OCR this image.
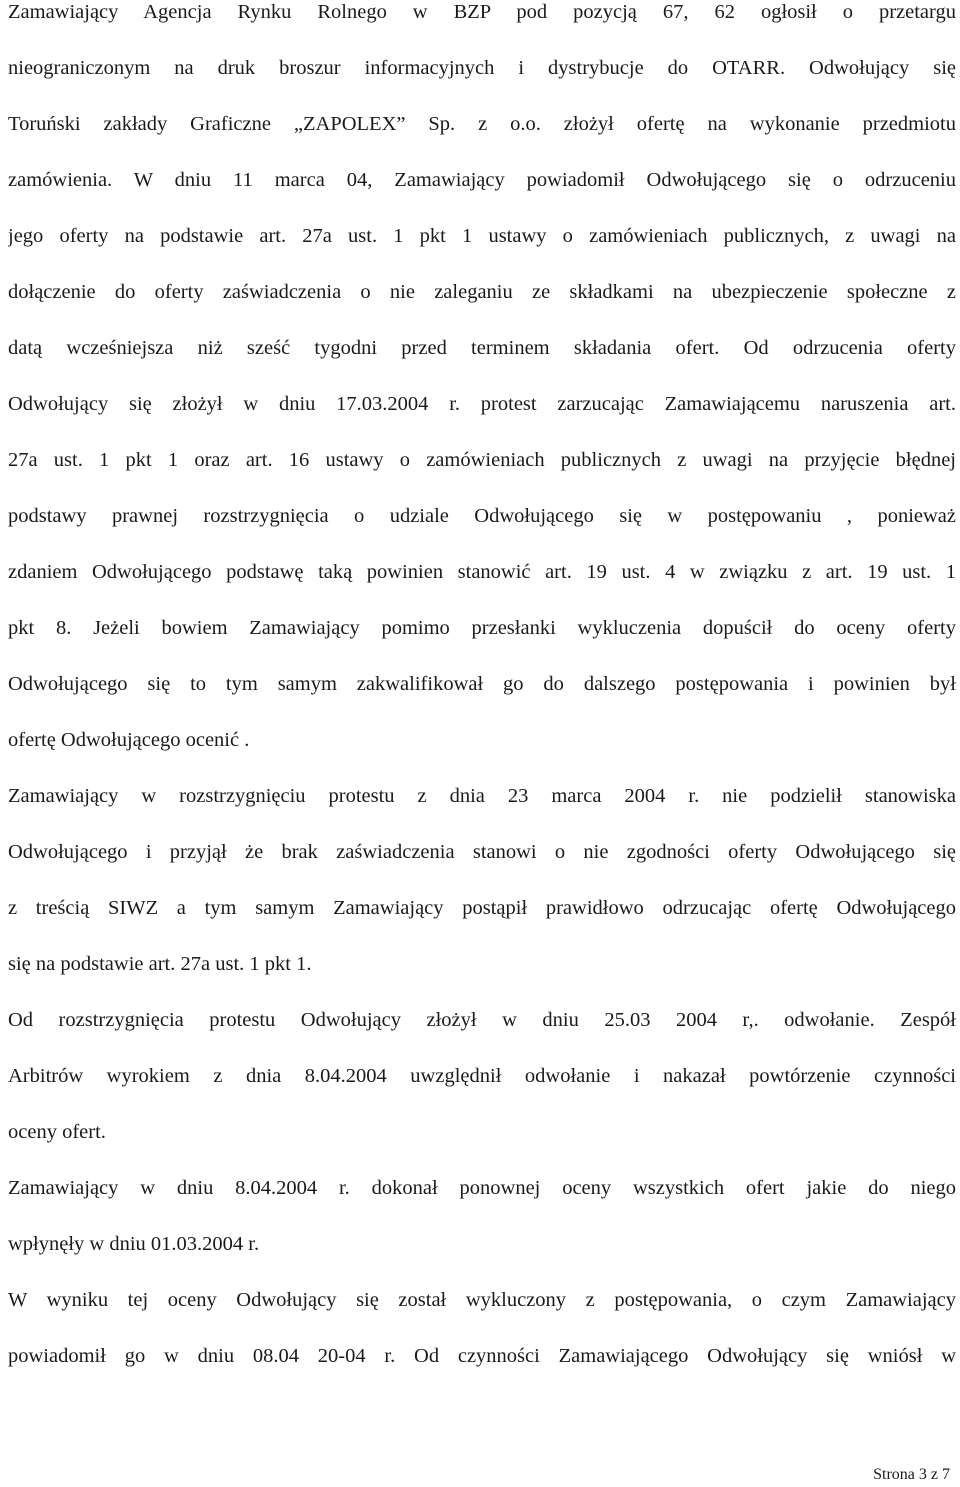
Zamawiający Agencja Rynku Rolnego w BZP pod pozycją 67, 62 ogłosił o przetargu
nieograniczonym na druk broszur informacyjnych i dystrybucje do OTARR. Odwołujący się
Toruński zakłady Graficzne „ZAPOLEX” Sp. z o.o. złożył ofertę na wykonanie przedmiotu
zamówienia. W dniu 11 marca 04, Zamawiający powiadomił Odwołującego się o odrzuceniu
jego oferty na podstawie art. 27a ust. 1 pkt 1 ustawy o zamówieniach publicznych, z uwagi na
dołączenie do oferty zaświadczenia o nie zaleganiu ze składkami na ubezpieczenie społeczne z
datą wcześniejsza niż sześć tygodni przed terminem składania ofert. Od odrzucenia oferty
Odwołujący się złożył w dniu 17.03.2004 r. protest zarzucając Zamawiającemu naruszenia art.
27a ust. 1 pkt 1 oraz art. 16 ustawy o zamówieniach publicznych z uwagi na przyjęcie błędnej
podstawy prawnej rozstrzygnięcia o udziale Odwołującego się w postępowaniu , ponieważ
zdaniem Odwołującego podstawę taką powinien stanowić art. 19 ust. 4 w związku z art. 19 ust. 1
pkt 8. Jeżeli bowiem Zamawiający pomimo przesłanki wykluczenia dopuścił do oceny oferty
Odwołującego się to tym samym zakwalifikował go do dalszego postępowania i powinien był
ofertę Odwołującego ocenić .
Zamawiający w rozstrzygnięciu protestu z dnia 23 marca 2004 r. nie podzielił stanowiska
Odwołującego i przyjął że brak zaświadczenia stanowi o nie zgodności oferty Odwołującego się
z treścią SIWZ a tym samym Zamawiający postąpił prawidłowo odrzucając ofertę Odwołującego
się na podstawie art. 27a ust. 1 pkt 1.
Od rozstrzygnięcia protestu Odwołujący złożył w dniu 25.03 2004 r,. odwołanie. Zespół
Arbitrów wyrokiem z dnia 8.04.2004 uwzględnił odwołanie i nakazał powtórzenie czynności
oceny ofert.
Zamawiający w dniu 8.04.2004 r. dokonał ponownej oceny wszystkich ofert jakie do niego
wpłynęły w dniu 01.03.2004 r.
W wyniku tej oceny Odwołujący się został wykluczony z postępowania, o czym Zamawiający
powiadomił go w dniu 08.04 20-04 r. Od czynności Zamawiającego Odwołujący się wniósł w
Strona 3 z 7
